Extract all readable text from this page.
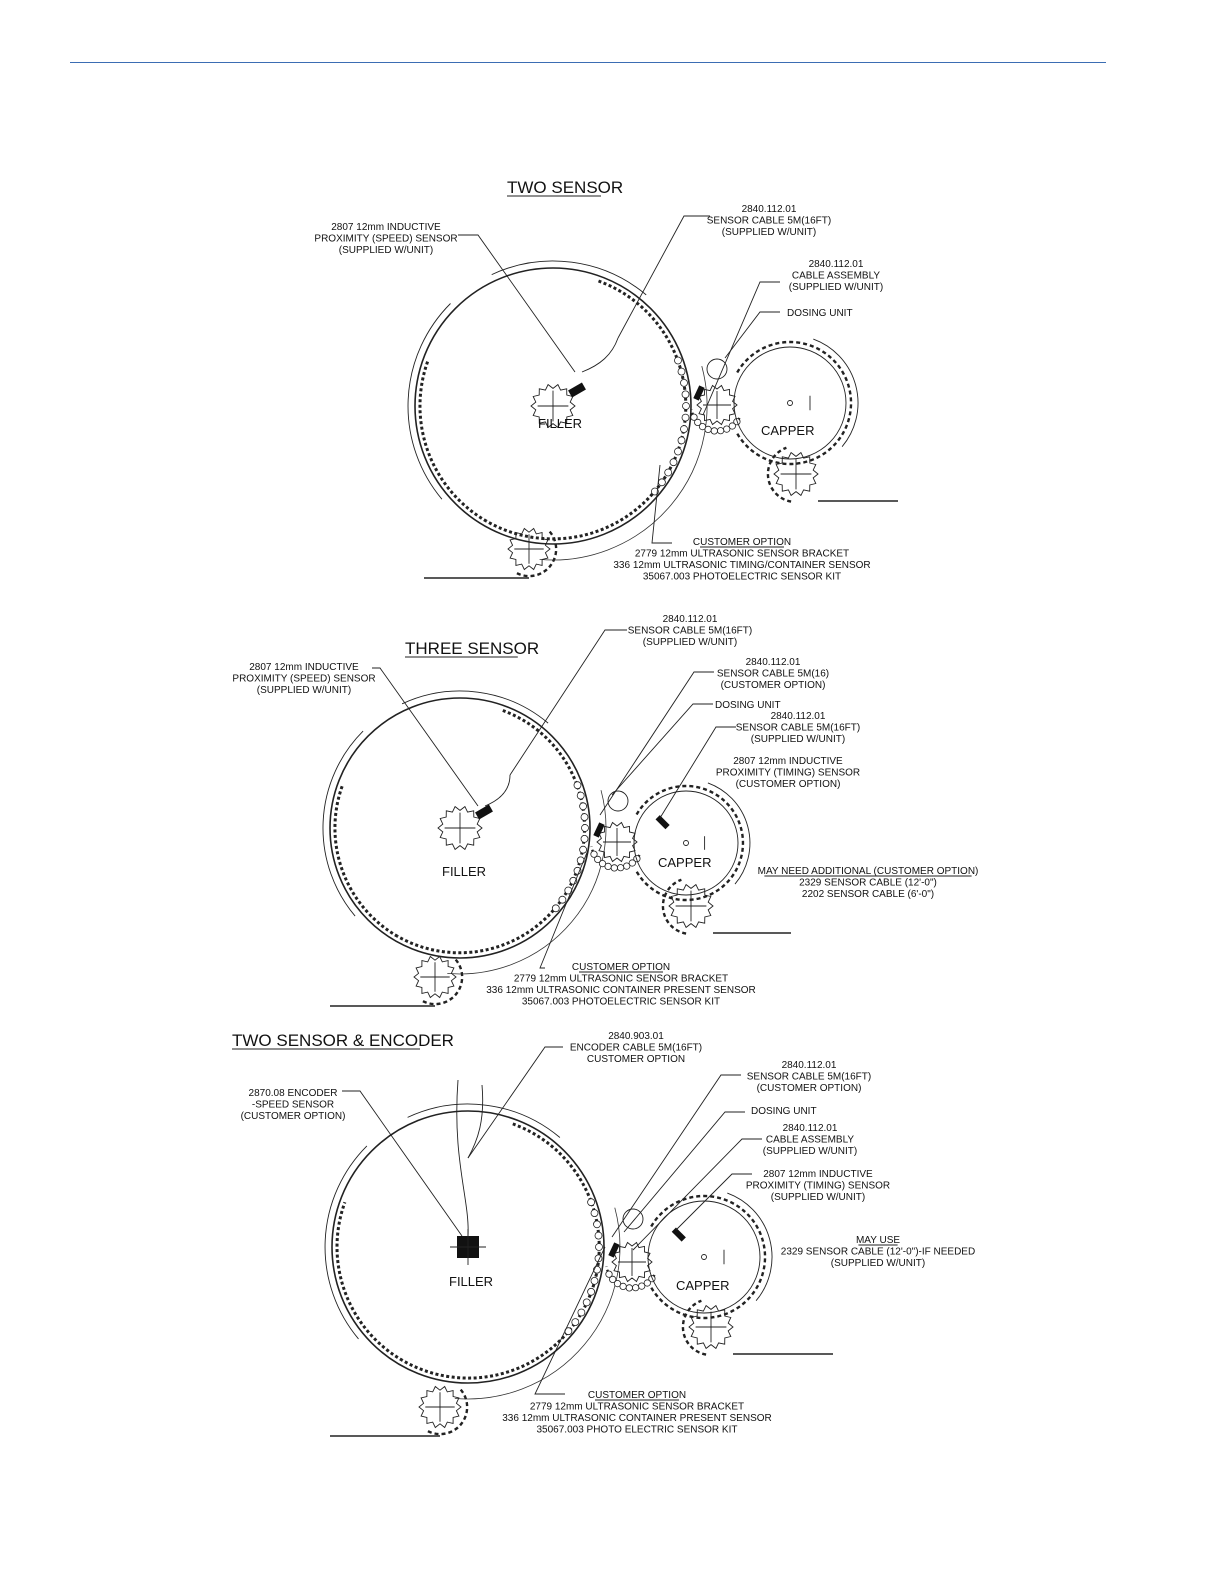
TWO SENSOR
FILLER	CAPPER
2807 12mm INDUCTIVE
PROXIMITY (SPEED) SENSOR
(SUPPLIED W/UNIT)
2840.112.01
SENSOR CABLE 5M(16FT)
(SUPPLIED W/UNIT)
2840.112.01
CABLE ASSEMBLY
(SUPPLIED W/UNIT)
DOSING UNIT
CUSTOMER OPTION
2779 12mm ULTRASONIC SENSOR BRACKET
336 12mm ULTRASONIC TIMING/CONTAINER SENSOR
35067.003 PHOTOELECTRIC SENSOR KIT
THREE SENSOR
FILLER
CAPPER
2840.112.01
SENSOR CABLE 5M(16FT)
(SUPPLIED W/UNIT)
2807 12mm INDUCTIVE
PROXIMITY (SPEED) SENSOR
(SUPPLIED W/UNIT)
2840.112.01
SENSOR CABLE 5M(16)
(CUSTOMER OPTION)
DOSING UNIT
2840.112.01
SENSOR CABLE 5M(16FT)
(SUPPLIED W/UNIT)
2807 12mm INDUCTIVE
PROXIMITY (TIMING) SENSOR
(CUSTOMER OPTION)
MAY NEED ADDITIONAL (CUSTOMER OPTION)
2329 SENSOR CABLE (12'-0")
2202 SENSOR CABLE (6'-0")
CUSTOMER OPTION
2779 12mm ULTRASONIC SENSOR BRACKET
336 12mm ULTRASONIC CONTAINER PRESENT SENSOR
35067.003 PHOTOELECTRIC SENSOR KIT
TWO SENSOR & ENCODER
FILLER	CAPPER
2840.903.01
ENCODER CABLE 5M(16FT)
CUSTOMER OPTION
2870.08 ENCODER
-SPEED SENSOR
(CUSTOMER OPTION)
2840.112.01
SENSOR CABLE 5M(16FT)
(CUSTOMER OPTION)
DOSING UNIT
2840.112.01
CABLE ASSEMBLY
(SUPPLIED W/UNIT)
2807 12mm INDUCTIVE
PROXIMITY (TIMING) SENSOR
(SUPPLIED W/UNIT)
MAY USE
2329 SENSOR CABLE (12'-0")-IF NEEDED
(SUPPLIED W/UNIT)
CUSTOMER OPTION
2779 12mm ULTRASONIC SENSOR BRACKET
336 12mm ULTRASONIC CONTAINER PRESENT SENSOR
35067.003 PHOTO ELECTRIC SENSOR KIT
